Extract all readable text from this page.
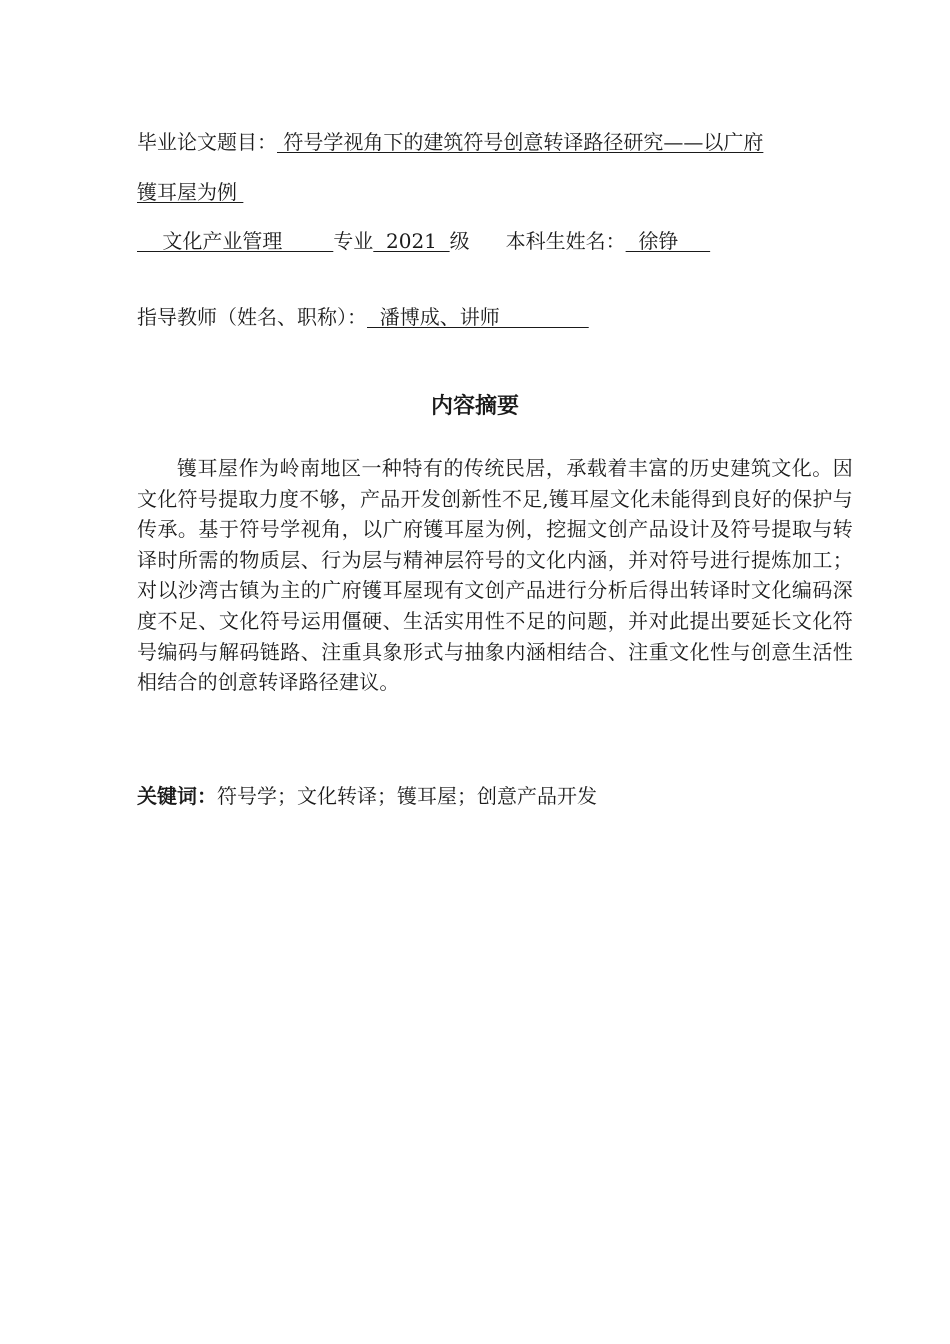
毕业论文题目： 符号学视角下的建筑符号创意转译路径研究——以广府
镬耳屋为例
文化产业管理        专业  2021  级 本科生姓名：  徐铮
指导教师（姓名、职称）：  潘博成、讲师
内容摘要
镬耳屋作为岭南地区一种特有的传统民居，承载着丰富的历史建筑文化。因文化符号提取力度不够，产品开发创新性不足,镬耳屋文化未能得到良好的保护与传承。基于符号学视角，以广府镬耳屋为例，挖掘文创产品设计及符号提取与转译时所需的物质层、行为层与精神层符号的文化内涵，并对符号进行提炼加工；对以沙湾古镇为主的广府镬耳屋现有文创产品进行分析后得出转译时文化编码深度不足、文化符号运用僵硬、生活实用性不足的问题，并对此提出要延长文化符号编码与解码链路、注重具象形式与抽象内涵相结合、注重文化性与创意生活性相结合的创意转译路径建议。
关键词：符号学；文化转译；镬耳屋；创意产品开发
